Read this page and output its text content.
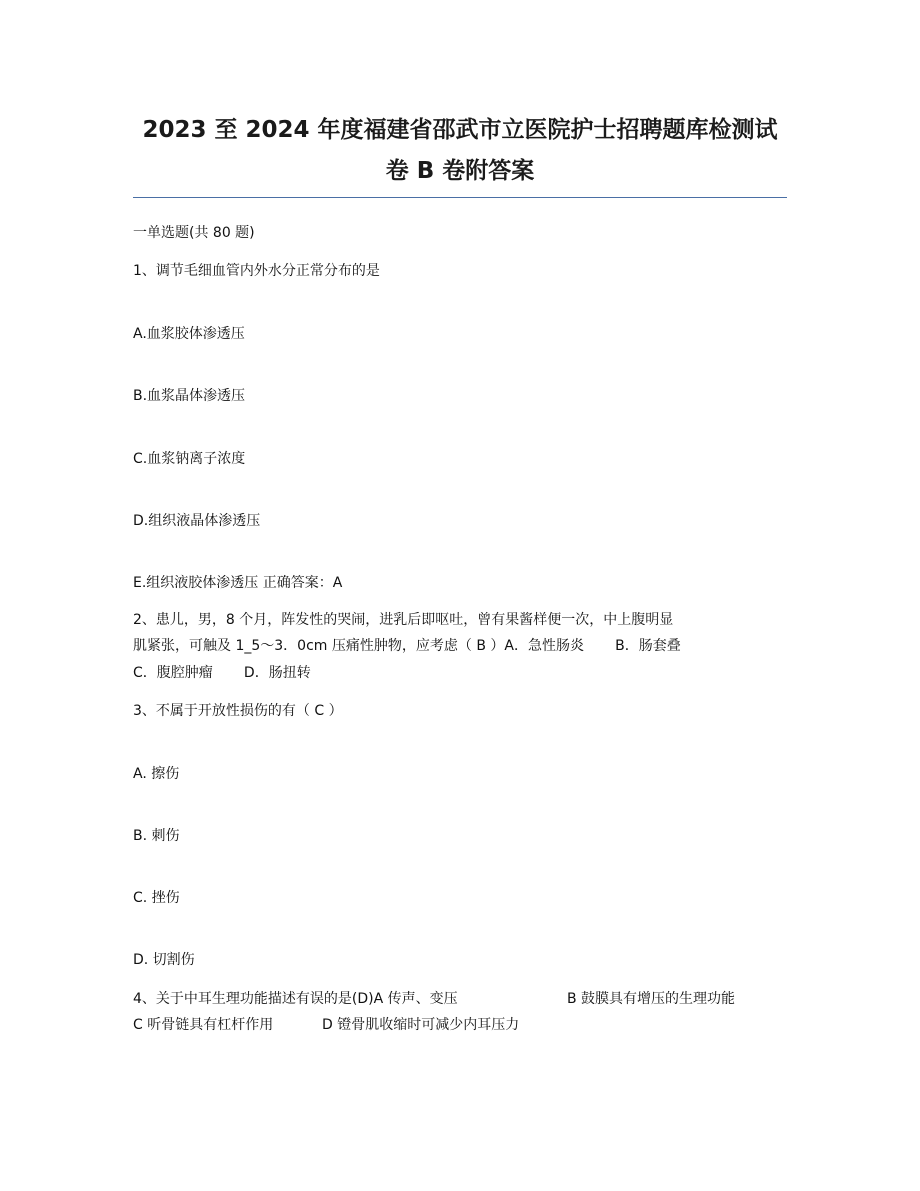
2023 至 2024 年度福建省邵武市立医院护士招聘题库检测试
卷 B 卷附答案
一单选题(共 80 题)
1、调节毛细血管内外水分正常分布的是
A.血浆胶体渗透压
B.血浆晶体渗透压
C.血浆钠离子浓度
D.组织液晶体渗透压
E.组织液胶体渗透压 正确答案：A
2、患儿，男，8 个月，阵发性的哭闹，进乳后即呕吐，曾有果酱样便一次，中上腹明显
肌紧张，可触及 1_5～3．0cm 压痛性肿物，应考虑（ B ）A．急性肠炎       B．肠套叠
C．腹腔肿瘤       D．肠扭转
3、不属于开放性损伤的有（ C ）
A. 擦伤
B. 刺伤
C. 挫伤
D. 切割伤
4、关于中耳生理功能描述有误的是(D)A 传声、变压	B 鼓膜具有增压的生理功能
C 听骨链具有杠杆作用	D 镫骨肌收缩时可减少内耳压力
